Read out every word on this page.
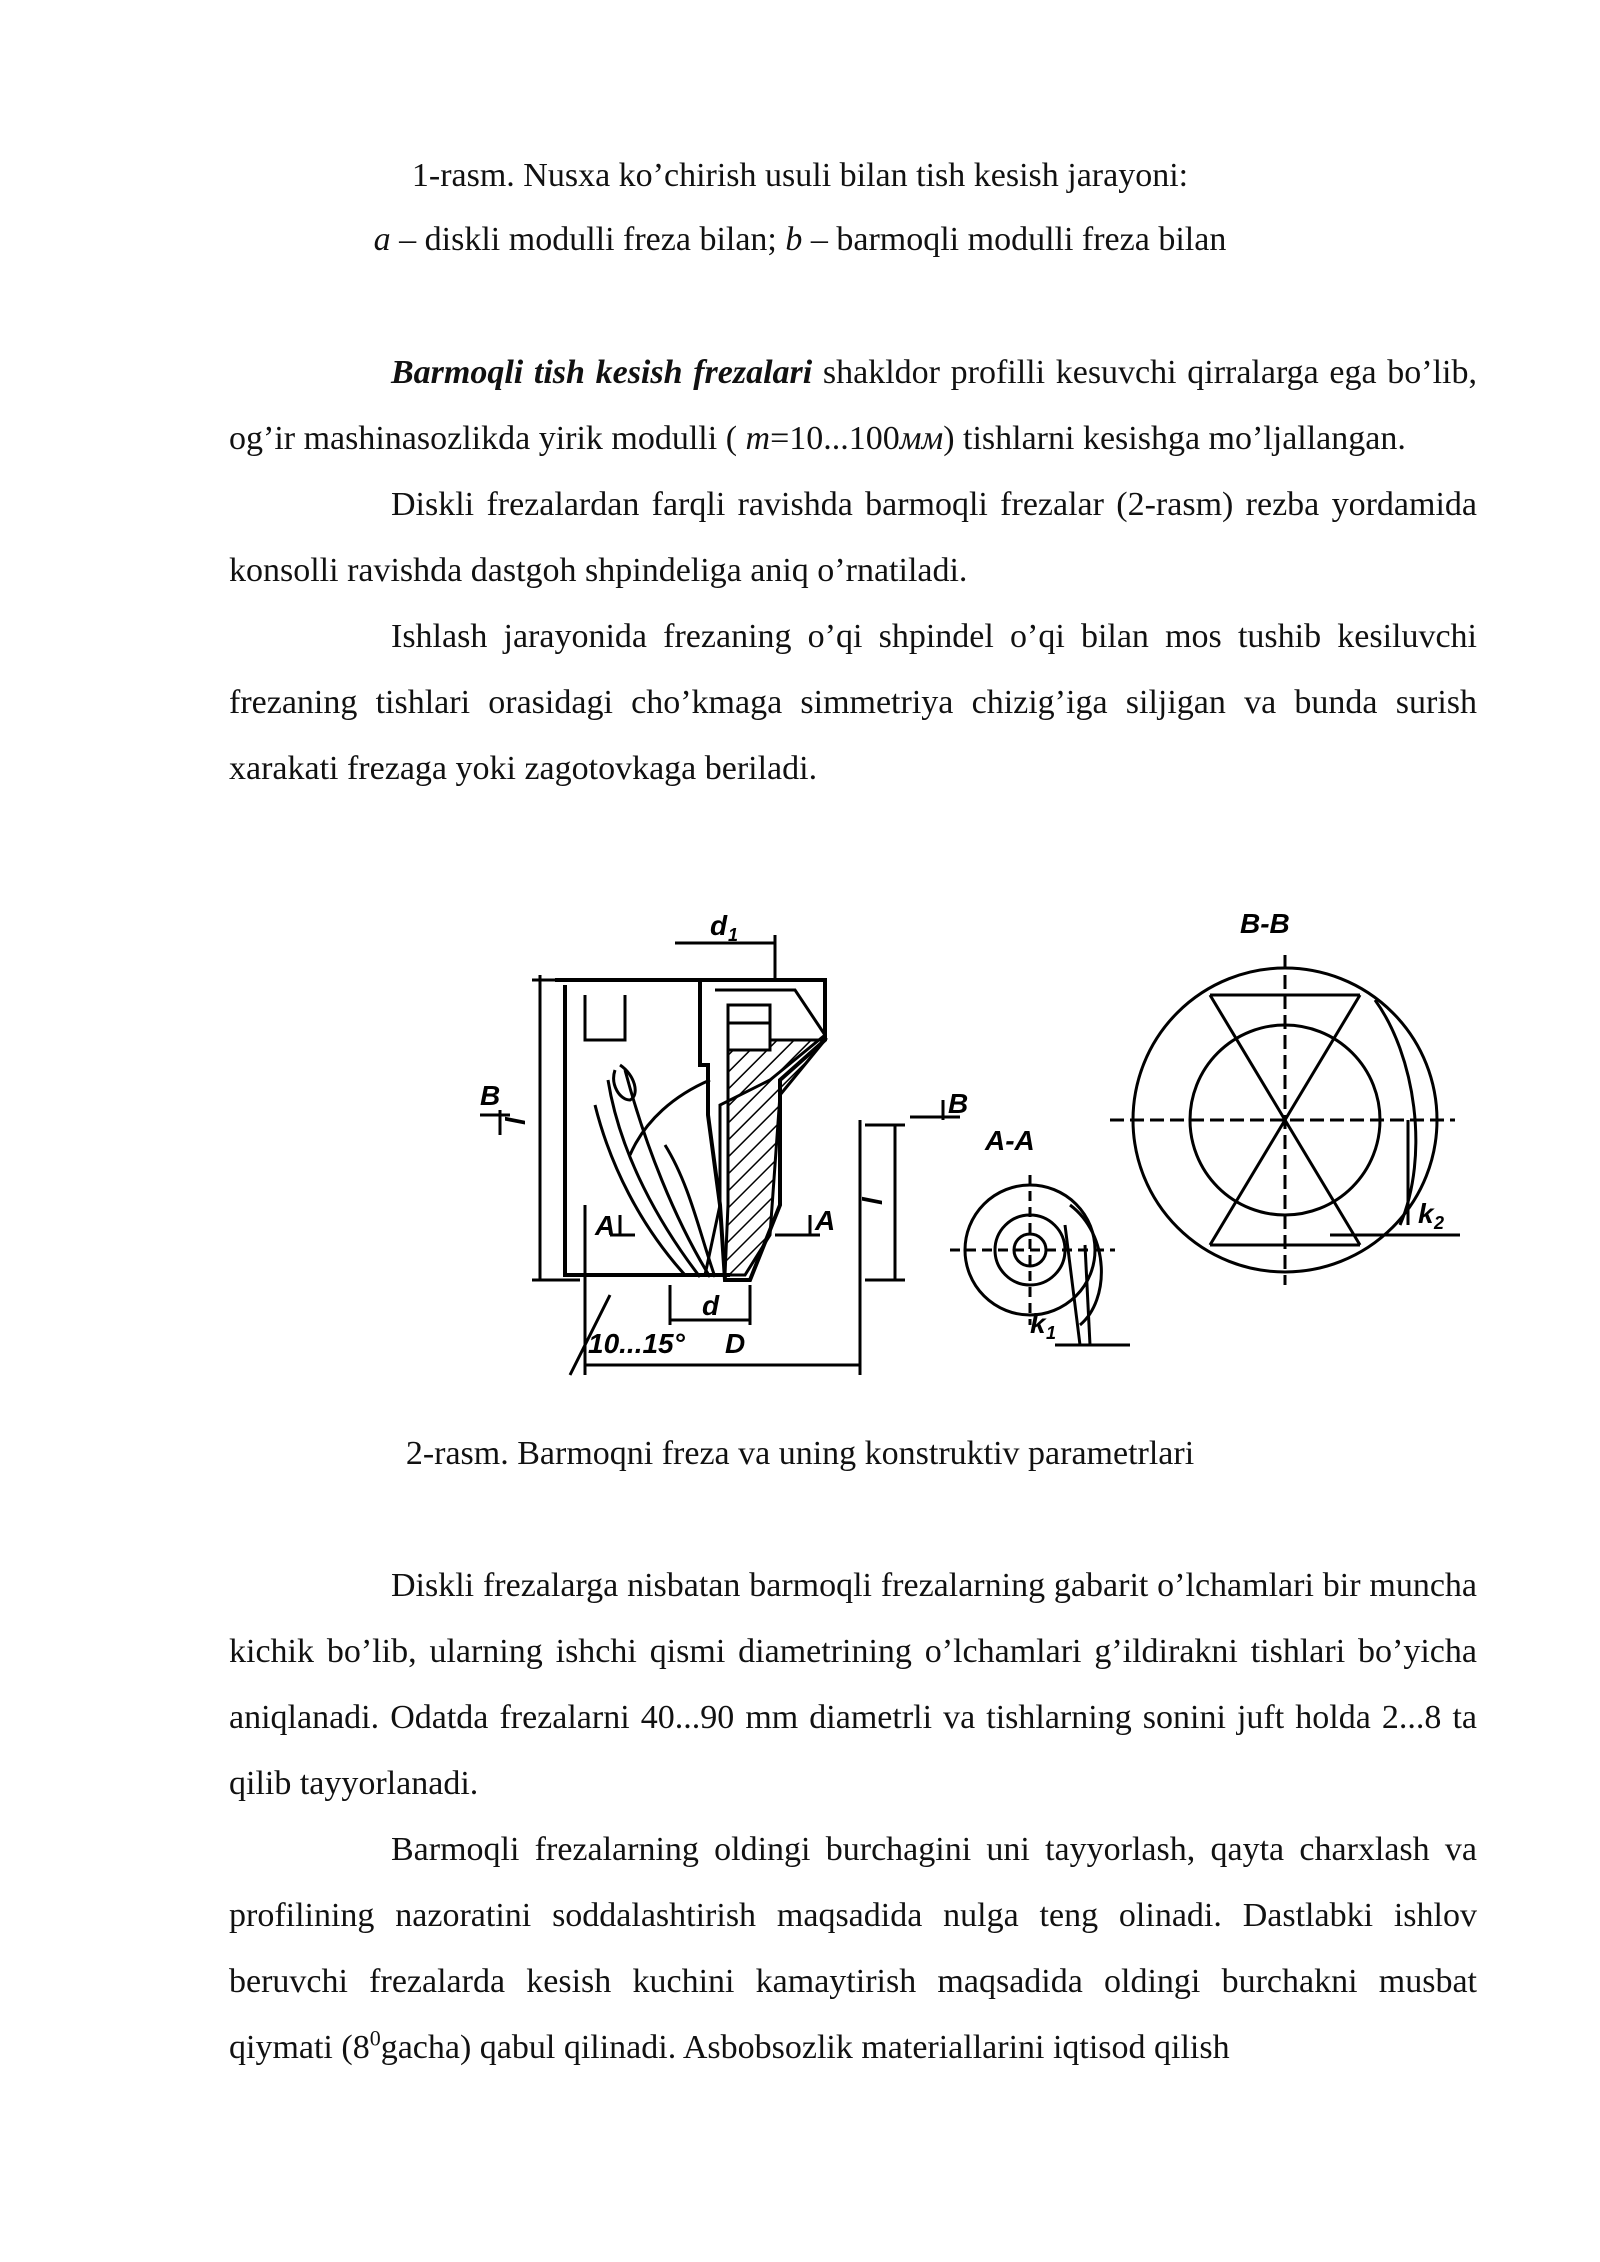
1-rasm. Nusxa ko’chirish usuli bilan tish kesish jarayoni:
a – diskli modulli freza bilan; b – barmoqli modulli freza bilan

Barmoqli tish kesish frezalari shakldor profilli kesuvchi qirralarga ega bo’lib, og’ir mashinasozlikda yirik modulli ( m=10...100мм) tishlarni kesishga mo’ljallangan.

Diskli frezalardan farqli ravishda barmoqli frezalar (2-rasm) rezba yordamida konsolli ravishda dastgoh shpindeliga aniq o’rnatiladi.

Ishlash jarayonida frezaning o’qi shpindel o’qi bilan mos tushib kesiluvchi frezaning tishlari orasidagi cho’kmaga simmetriya chizig’iga siljigan va bunda surish xarakati frezaga yoki zagotovkaga beriladi.

d 1	B-B
B	B
A-A
A	A
l
l
d
10...15° D
k 1
k 2
2-rasm. Barmoqni freza va uning konstruktiv parametrlari

Diskli frezalarga nisbatan barmoqli frezalarning gabarit o’lchamlari bir muncha kichik bo’lib, ularning ishchi qismi diametrining o’lchamlari g’ildirakni tishlari bo’yicha aniqlanadi. Odatda frezalarni 40...90 mm diametrli va tishlarning sonini juft holda 2...8 ta qilib tayyorlanadi.

Barmoqli frezalarning oldingi burchagini uni tayyorlash, qayta charxlash va profilining nazoratini soddalashtirish maqsadida nulga teng olinadi. Dastlabki ishlov beruvchi frezalarda kesish kuchini kamaytirish maqsadida oldingi burchakni musbat qiymati $(8^0gacha)$ qabul qilinadi. Asbobsozlik materiallarini iqtisod qilish
